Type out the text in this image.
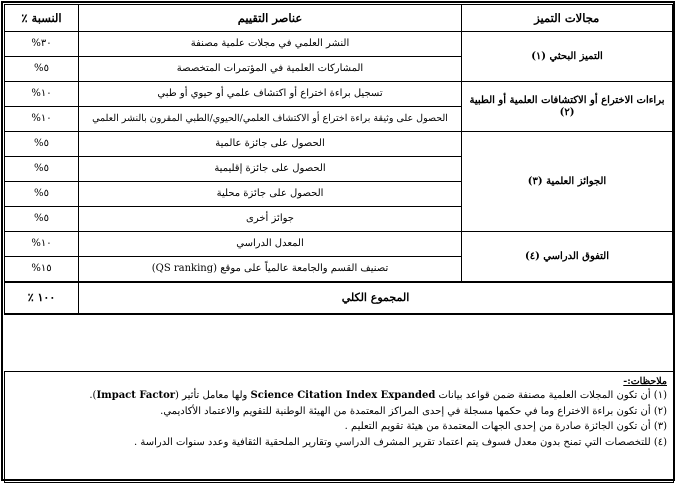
مجالات التميز	عناصر التقييم	النسبة ٪
التميز البحثي (١)	النشر العلمي في مجلات علمية مصنفة	٣٠%
	المشاركات العلمية في المؤتمرات المتخصصة	٥%
براءات الاختراع أو الاكتشافات العلمية أو الطبية (٢)	تسجيل براءة اختراع أو اكتشاف علمي أو حيوي أو طبي	١٠%
	الحصول على وثيقة براءة اختراع أو الاكتشاف العلمي/الحيوي/الطبي المقرون بالنشر العلمي	١٠%
الجوائز العلمية (٣)	الحصول على جائزة عالمية	٥%
	الحصول على جائزة إقليمية	٥%
	الحصول على جائزة محلية	٥%
	جوائز أخرى	٥%
التفوق الدراسي (٤)	المعدل الدراسي	١٠%
	تصنيف القسم والجامعة عالمياً على موقع (QS ranking)	١٥%
المجموع الكلي		١٠٠ ٪
ملاحظات:-
(١) أن تكون المجلات العلمية مصنفة ضمن قواعد بيانات Science Citation Index Expanded ولها معامل تأثير (Impact Factor).
(٢) أن تكون براءة الاختراع وما في حكمها مسجلة في إحدى المراكز المعتمدة من الهيئة الوطنية للتقويم والاعتماد الأكاديمي.
(٣) أن تكون الجائزة صادرة من إحدى الجهات المعتمدة من هيئة تقويم التعليم .
(٤) للتخصصات التي تمنح بدون معدل فسوف يتم اعتماد تقرير المشرف الدراسي وتقارير الملحقية الثقافية وعدد سنوات الدراسة .
